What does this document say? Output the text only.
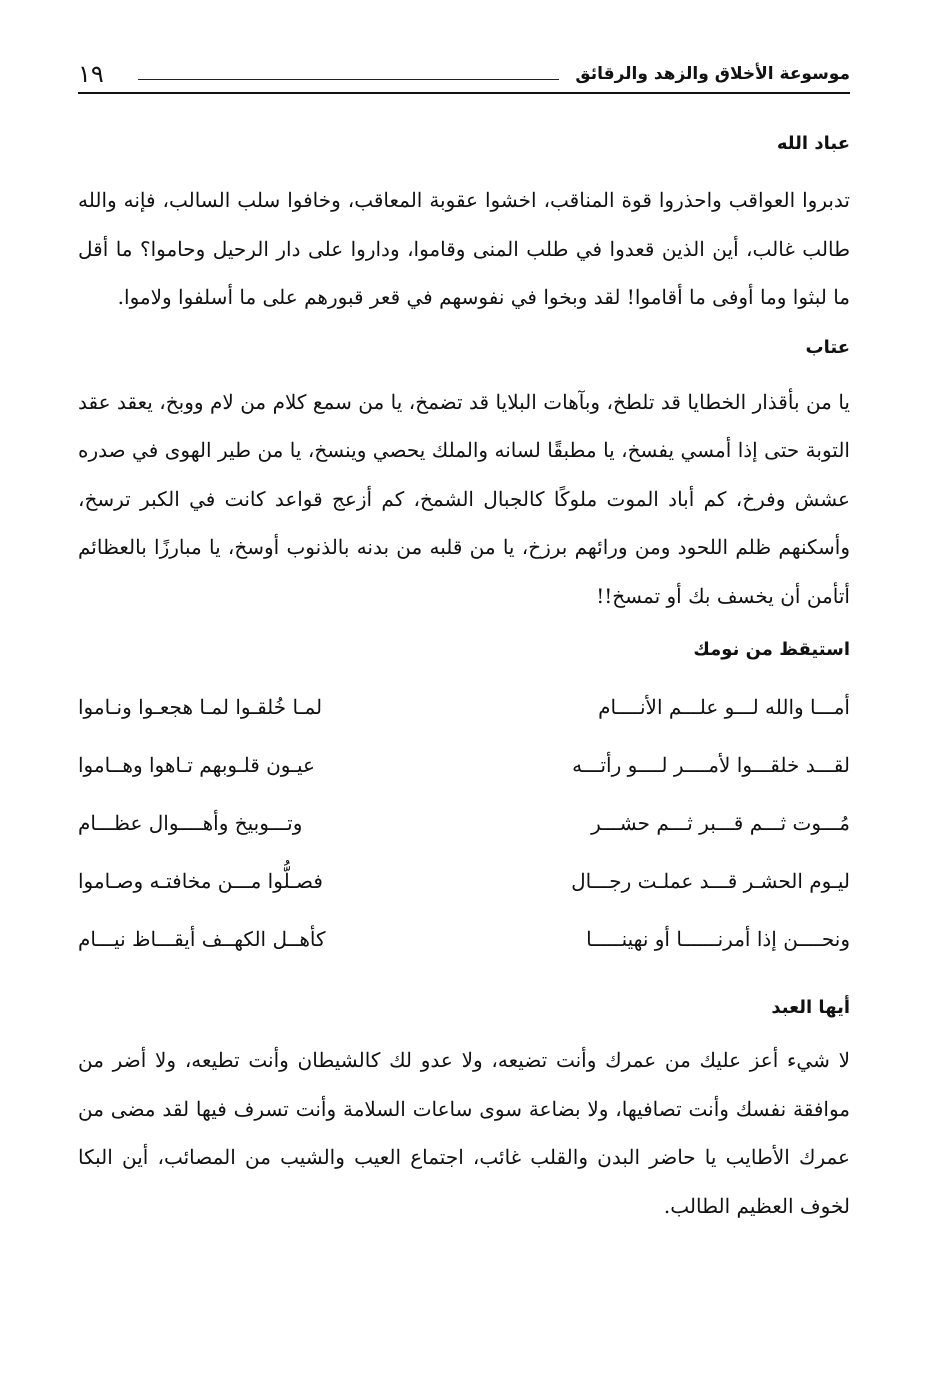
موسوعة الأخلاق والزهد والرقائق
١٩
عباد الله

تدبروا العواقب واحذروا قوة المناقب، اخشوا عقوبة المعاقب، وخافوا سلب السالب، فإنه والله طالب غالب، أين الذين قعدوا في طلب المنى وقاموا، وداروا على دار الرحيل وحاموا؟ ما أقل ما لبثوا وما أوفى ما أقاموا! لقد وبخوا في نفوسهم في قعر قبورهم على ما أسلفوا ولاموا.

عتاب

يا من بأقذار الخطايا قد تلطخ، وبآهات البلايا قد تضمخ، يا من سمع كلام من لام ووبخ، يعقد عقد التوبة حتى إذا أمسي يفسخ، يا مطبقًا لسانه والملك يحصي وينسخ، يا من طير الهوى في صدره عشش وفرخ، كم أباد الموت ملوكًا كالجبال الشمخ، كم أزعج قواعد كانت في الكبر ترسخ، وأسكنهم ظلم اللحود ومن ورائهم برزخ، يا من قلبه من بدنه بالذنوب أوسخ، يا مبارزًا بالعظائم أتأمن أن يخسف بك أو تمسخ!!

استيقظ من نومك
أمـــا والله لـــو علـــم الأنــــام
لمـا خُلقـوا لمـا هجعـوا ونـاموا
لقـــد خلقـــوا لأمــــر لــــو رأتـــه
عيـون قلـوبهم تـاهوا وهــاموا
مُـــوت ثـــم قـــبر ثـــم حشـــر
وتـــوبيخ وأهــــوال عظـــام
ليـوم الحشـر قـــد عملـت رجـــال
فصـلُّوا مـــن مخافتـه وصـاموا
ونحــــن إذا أمرنــــــا أو نهينـــــا
كأهــل الكهــف أيقـــاظ نيـــام
أيها العبد

لا شيء أعز عليك من عمرك وأنت تضيعه، ولا عدو لك كالشيطان وأنت تطيعه، ولا أضر من موافقة نفسك وأنت تصافيها، ولا بضاعة سوى ساعات السلامة وأنت تسرف فيها لقد مضى من عمرك الأطايب يا حاضر البدن والقلب غائب، اجتماع العيب والشيب من المصائب، أين البكا لخوف العظيم الطالب.
